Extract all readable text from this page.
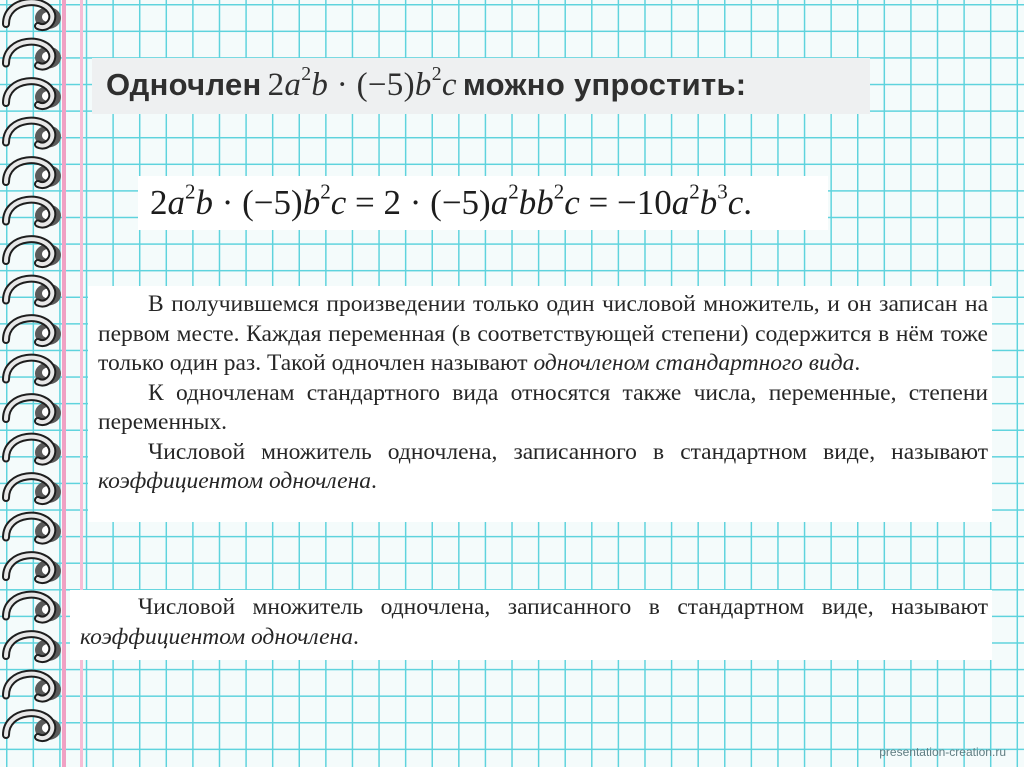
Одночлен $2a^2b \cdot (-5)b^2c$ можно упростить:
$2a^2b \cdot (-5)b^2c = 2 \cdot (-5)a^2bb^2c = -10a^2b^3c$.

В получившемся произведении только один числовой множитель, и он записан на первом месте. Каждая переменная (в соответствующей степени) содержится в нём тоже только один раз. Такой одночлен называют одночленом стандартного вида.

К одночленам стандартного вида относятся также числа, переменные, степени переменных.

Числовой множитель одночлена, записанного в стандартном виде, называют коэффициентом одночлена.

Числовой множитель одночлена, записанного в стандартном виде, называют коэффициентом одночлена.

presentation-creation.ru
